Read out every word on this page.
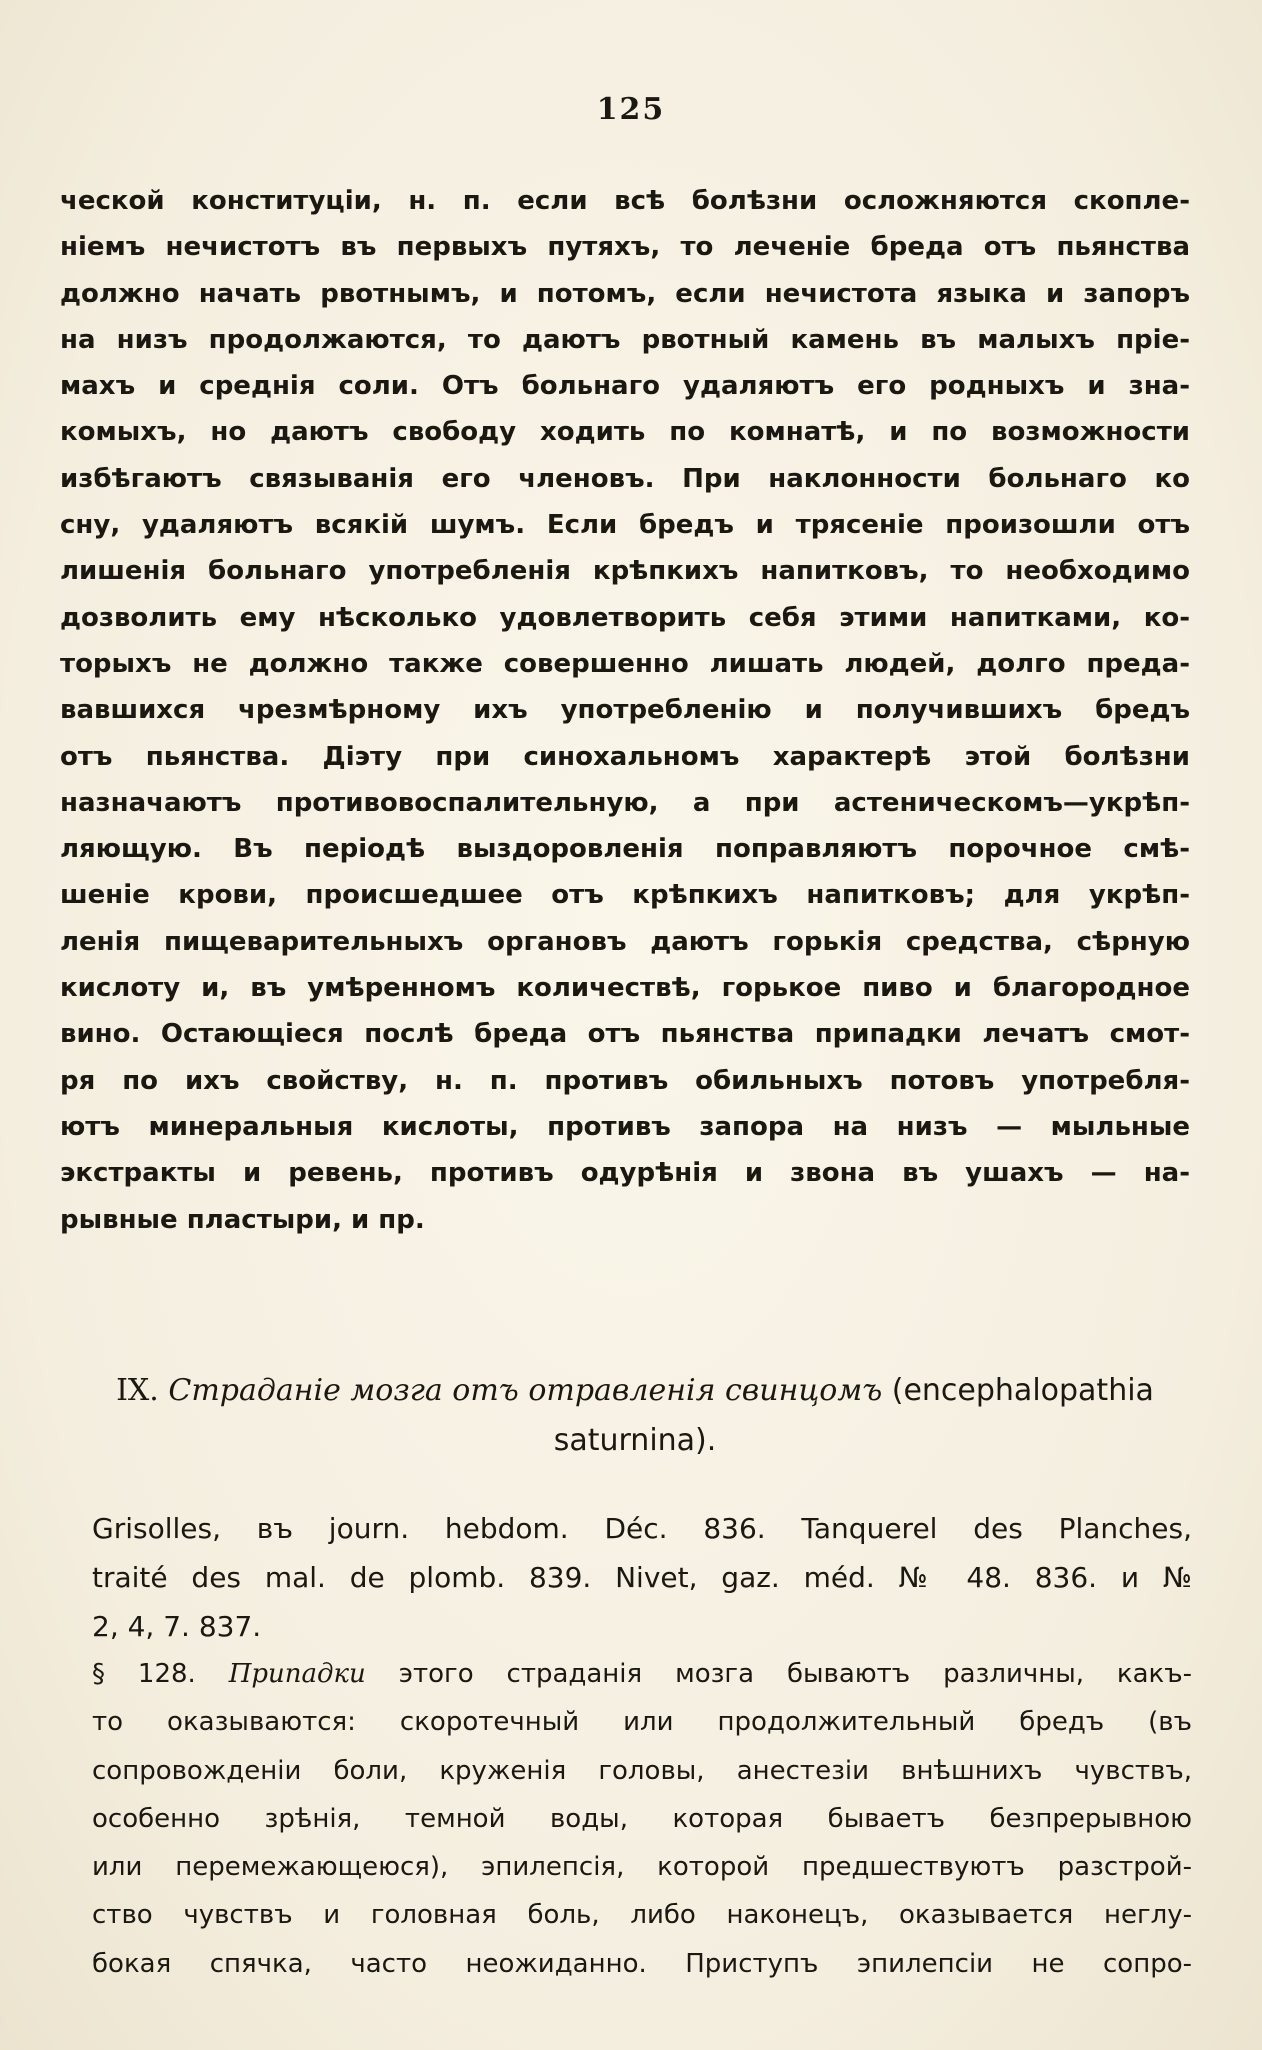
125
ческой конституціи, н. п. если всѣ болѣзни осложняются скопле-
ніемъ нечистотъ въ первыхъ путяхъ, то леченіе бреда отъ пьянства
должно начать рвотнымъ, и потомъ, если нечистота языка и запоръ
на низъ продолжаются, то даютъ рвотный камень въ малыхъ пріе-
махъ и среднія соли. Отъ больнаго удаляютъ его родныхъ и зна-
комыхъ, но даютъ свободу ходить по комнатѣ, и по возможности
избѣгаютъ связыванія его членовъ. При наклонности больнаго ко
сну, удаляютъ всякій шумъ. Если бредъ и трясеніе произошли отъ
лишенія больнаго употребленія крѣпкихъ напитковъ, то необходимо
дозволить ему нѣсколько удовлетворить себя этими напитками, ко-
торыхъ не должно также совершенно лишать людей, долго преда-
вавшихся чрезмѣрному ихъ употребленію и получившихъ бредъ
отъ пьянства. Діэту при синохальномъ характерѣ этой болѣзни
назначаютъ противовоспалительную, а при астеническомъ—укрѣп-
ляющую. Въ періодѣ выздоровленія поправляютъ порочное смѣ-
шеніе крови, происшедшее отъ крѣпкихъ напитковъ; для укрѣп-
ленія пищеварительныхъ органовъ даютъ горькія средства, сѣрную
кислоту и, въ умѣренномъ количествѣ, горькое пиво и благородное
вино. Остающіеся послѣ бреда отъ пьянства припадки лечатъ смот-
ря по ихъ свойству, н. п. противъ обильныхъ потовъ употребля-
ютъ минеральныя кислоты, противъ запора на низъ — мыльные
экстракты и ревень, противъ одурѣнія и звона въ ушахъ — на-
рывные пластыри, и пр.
IX. Страданіе мозга отъ отравленія свинцомъ (encephalopathia
saturnina).
Grisolles, въ journ. hebdom. Déc. 836. Tanquerel des Planches,
traité des mal. de plomb. 839. Nivet, gaz. méd. № 48. 836. и №
2, 4, 7. 837.
§ 128. Припадки этого страданія мозга бываютъ различны, какъ-
то оказываются: скоротечный или продолжительный бредъ (въ
сопровожденіи боли, круженія головы, анестезіи внѣшнихъ чувствъ,
особенно зрѣнія, темной воды, которая бываетъ безпрерывною
или перемежающеюся), эпилепсія, которой предшествуютъ разстрой-
ство чувствъ и головная боль, либо наконецъ, оказывается неглу-
бокая спячка, часто неожиданно. Приступъ эпилепсіи не сопро-
